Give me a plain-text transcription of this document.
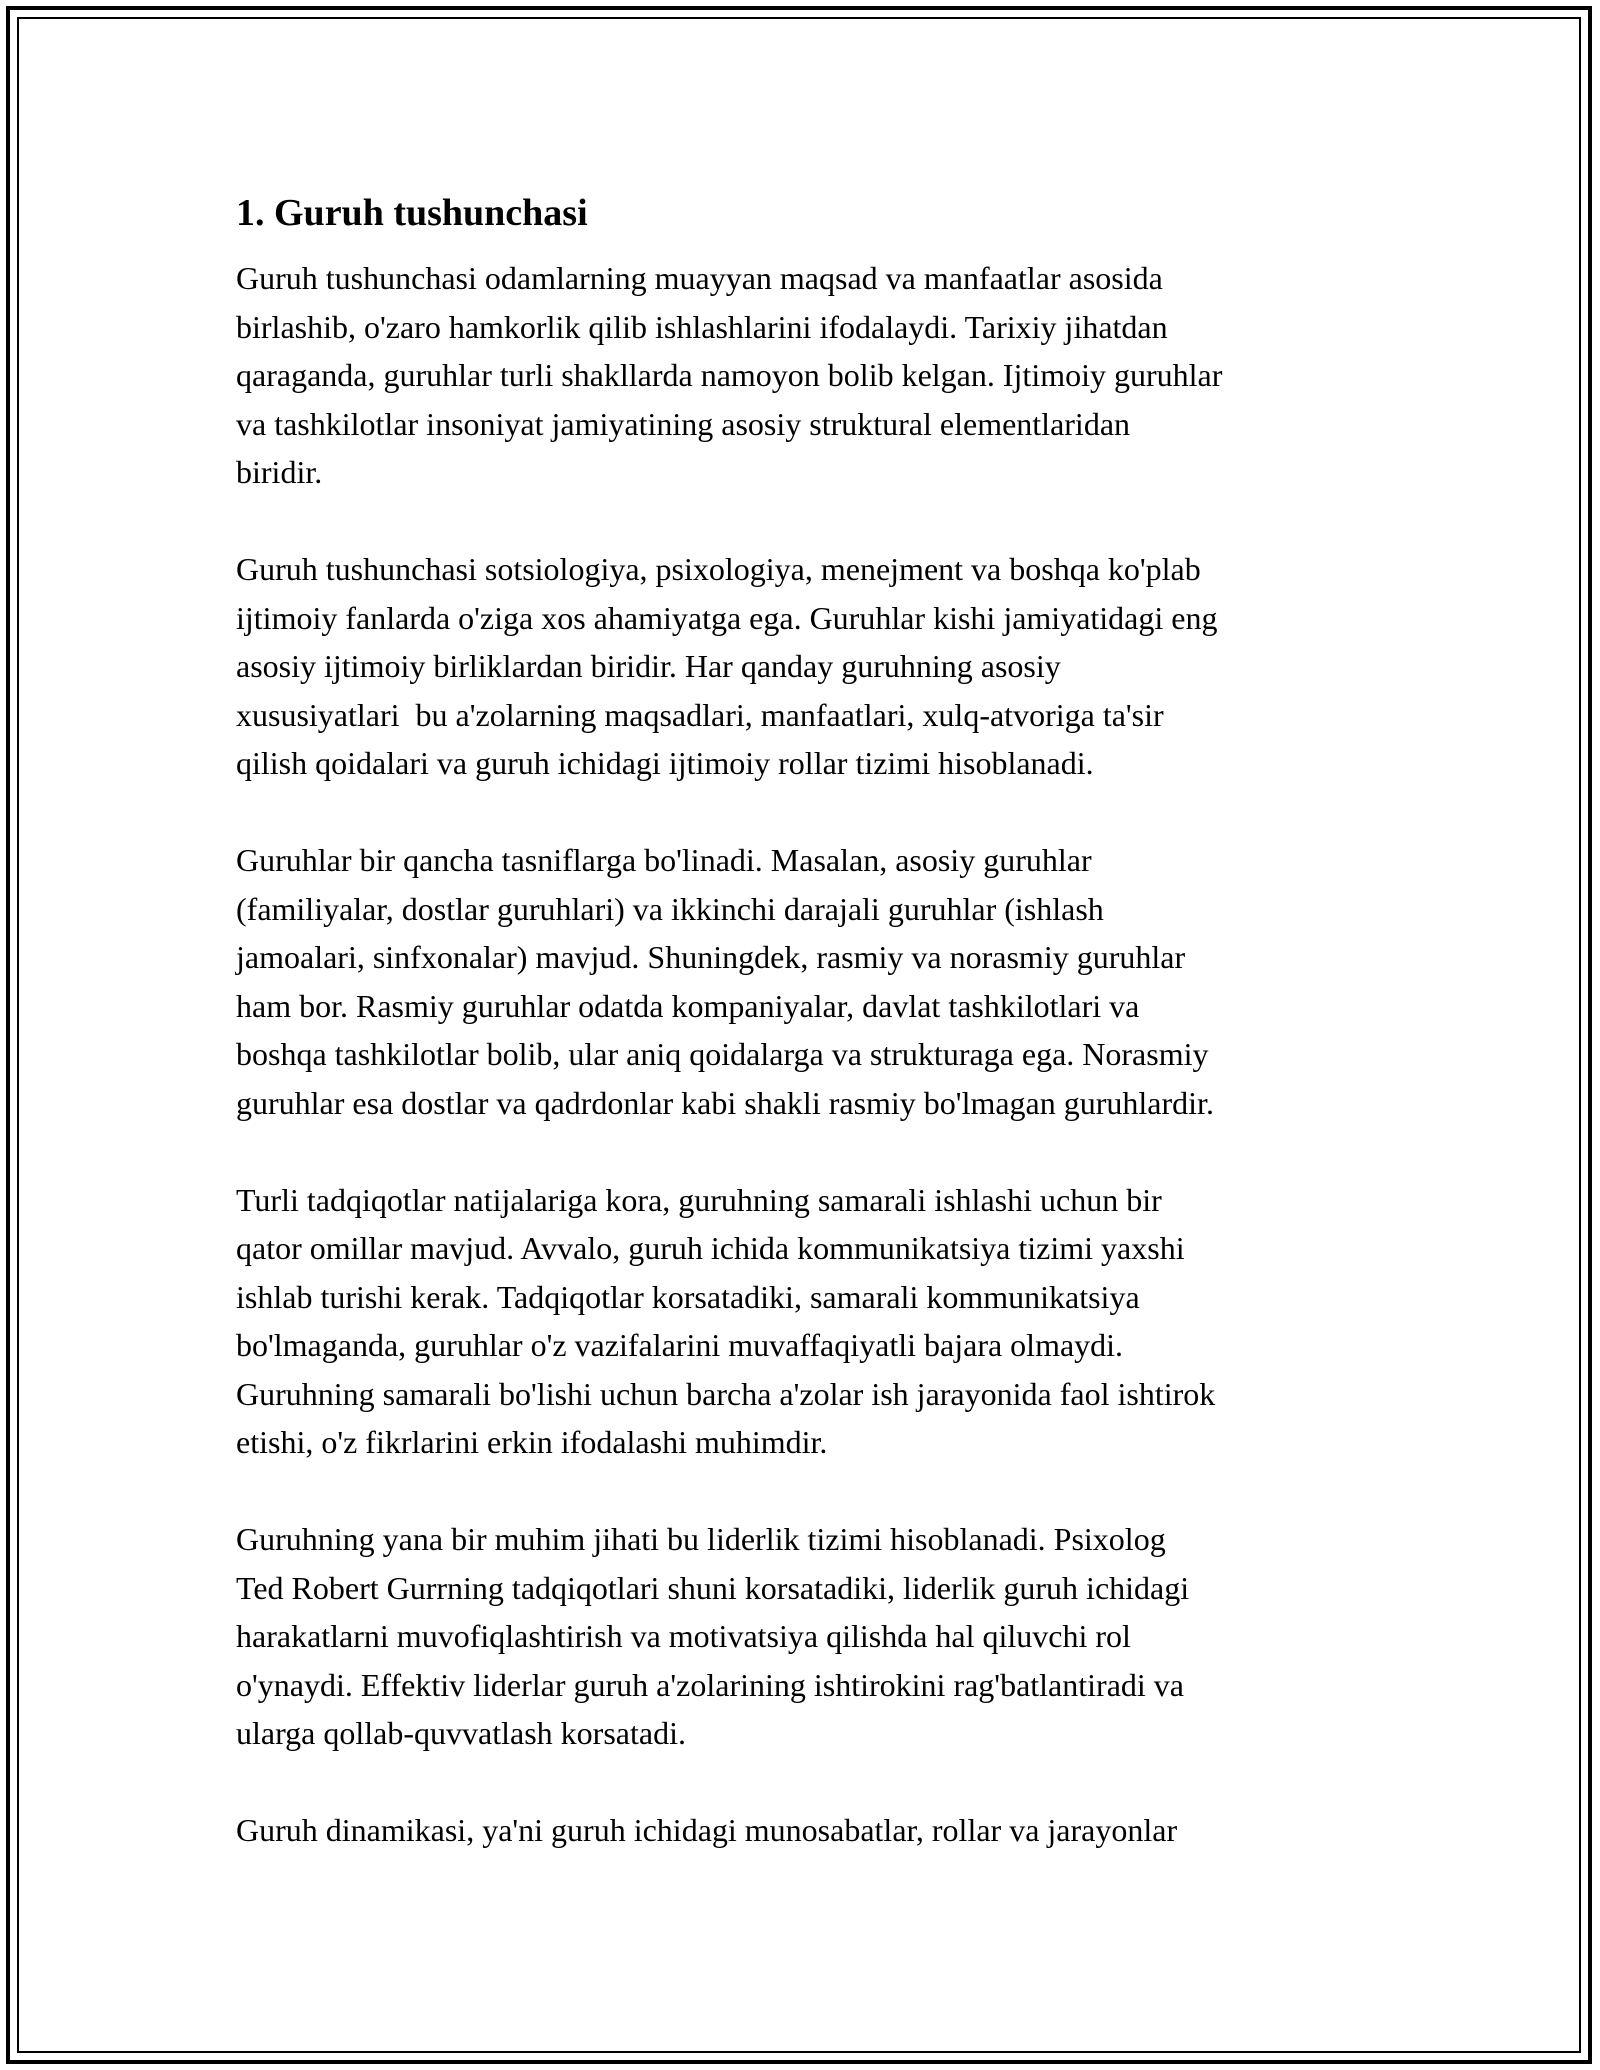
1. Guruh tushunchasi

Guruh tushunchasi odamlarning muayyan maqsad va manfaatlar asosida
birlashib, o'zaro hamkorlik qilib ishlashlarini ifodalaydi. Tarixiy jihatdan
qaraganda, guruhlar turli shakllarda namoyon bolib kelgan. Ijtimoiy guruhlar
va tashkilotlar insoniyat jamiyatining asosiy struktural elementlaridan
biridir.

Guruh tushunchasi sotsiologiya, psixologiya, menejment va boshqa ko'plab
ijtimoiy fanlarda o'ziga xos ahamiyatga ega. Guruhlar kishi jamiyatidagi eng
asosiy ijtimoiy birliklardan biridir. Har qanday guruhning asosiy
xususiyatlari  bu a'zolarning maqsadlari, manfaatlari, xulq-atvoriga ta'sir
qilish qoidalari va guruh ichidagi ijtimoiy rollar tizimi hisoblanadi.

Guruhlar bir qancha tasniflarga bo'linadi. Masalan, asosiy guruhlar
(familiyalar, dostlar guruhlari) va ikkinchi darajali guruhlar (ishlash
jamoalari, sinfxonalar) mavjud. Shuningdek, rasmiy va norasmiy guruhlar
ham bor. Rasmiy guruhlar odatda kompaniyalar, davlat tashkilotlari va
boshqa tashkilotlar bolib, ular aniq qoidalarga va strukturaga ega. Norasmiy
guruhlar esa dostlar va qadrdonlar kabi shakli rasmiy bo'lmagan guruhlardir.

Turli tadqiqotlar natijalariga kora, guruhning samarali ishlashi uchun bir
qator omillar mavjud. Avvalo, guruh ichida kommunikatsiya tizimi yaxshi
ishlab turishi kerak. Tadqiqotlar korsatadiki, samarali kommunikatsiya
bo'lmaganda, guruhlar o'z vazifalarini muvaffaqiyatli bajara olmaydi.
Guruhning samarali bo'lishi uchun barcha a'zolar ish jarayonida faol ishtirok
etishi, o'z fikrlarini erkin ifodalashi muhimdir.

Guruhning yana bir muhim jihati bu liderlik tizimi hisoblanadi. Psixolog
Ted Robert Gurrning tadqiqotlari shuni korsatadiki, liderlik guruh ichidagi
harakatlarni muvofiqlashtirish va motivatsiya qilishda hal qiluvchi rol
o'ynaydi. Effektiv liderlar guruh a'zolarining ishtirokini rag'batlantiradi va
ularga qollab-quvvatlash korsatadi.

Guruh dinamikasi, ya'ni guruh ichidagi munosabatlar, rollar va jarayonlar
